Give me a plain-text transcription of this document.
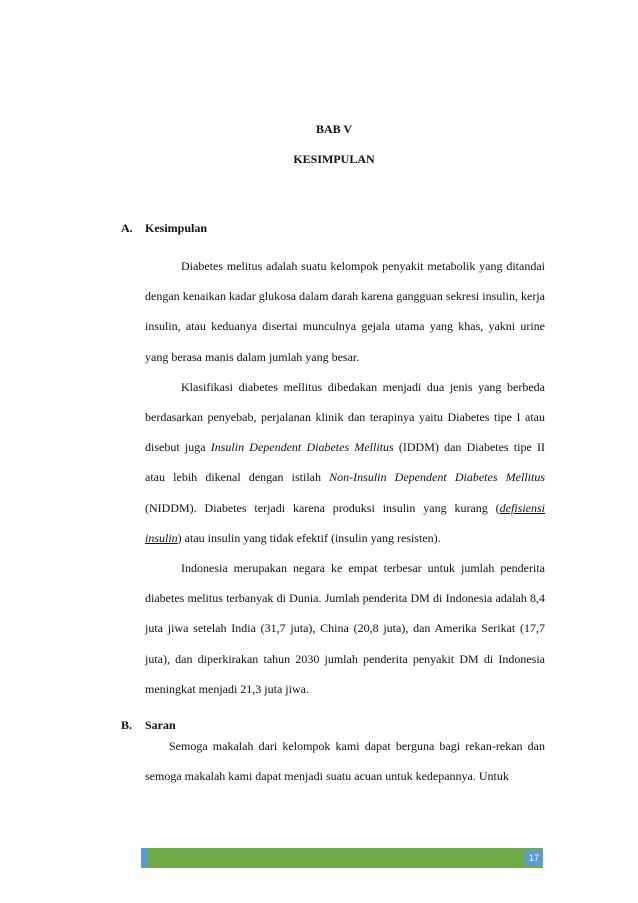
BAB V
KESIMPULAN
A. Kesimpulan

Diabetes melitus adalah suatu kelompok penyakit metabolik yang ditandai dengan kenaikan kadar glukosa dalam darah karena gangguan sekresi insulin, kerja insulin, atau keduanya disertai munculnya gejala utama yang khas, yakni urine yang berasa manis dalam jumlah yang besar.

Klasifikasi diabetes mellitus dibedakan menjadi dua jenis yang berbeda berdasarkan penyebab, perjalanan klinik dan terapinya yaitu Diabetes tipe I atau disebut juga Insulin Dependent Diabetes Mellitus (IDDM) dan Diabetes tipe II atau lebih dikenal dengan istilah Non-Insulin Dependent Diabetes Mellitus (NIDDM). Diabetes terjadi karena produksi insulin yang kurang (defisiensi insulin) atau insulin yang tidak efektif (insulin yang resisten).

Indonesia merupakan negara ke empat terbesar untuk jumlah penderita diabetes melitus terbanyak di Dunia. Jumlah penderita DM di Indonesia adalah 8,4 juta jiwa setelah India (31,7 juta), China (20,8 juta), dan Amerika Serikat (17,7 juta), dan diperkirakan tahun 2030 jumlah penderita penyakit DM di Indonesia meningkat menjadi 21,3 juta jiwa.

B. Saran

Semoga makalah dari kelompok kami dapat berguna bagi rekan-rekan dan semoga makalah kami dapat menjadi suatu acuan untuk kedepannya. Untuk

17
